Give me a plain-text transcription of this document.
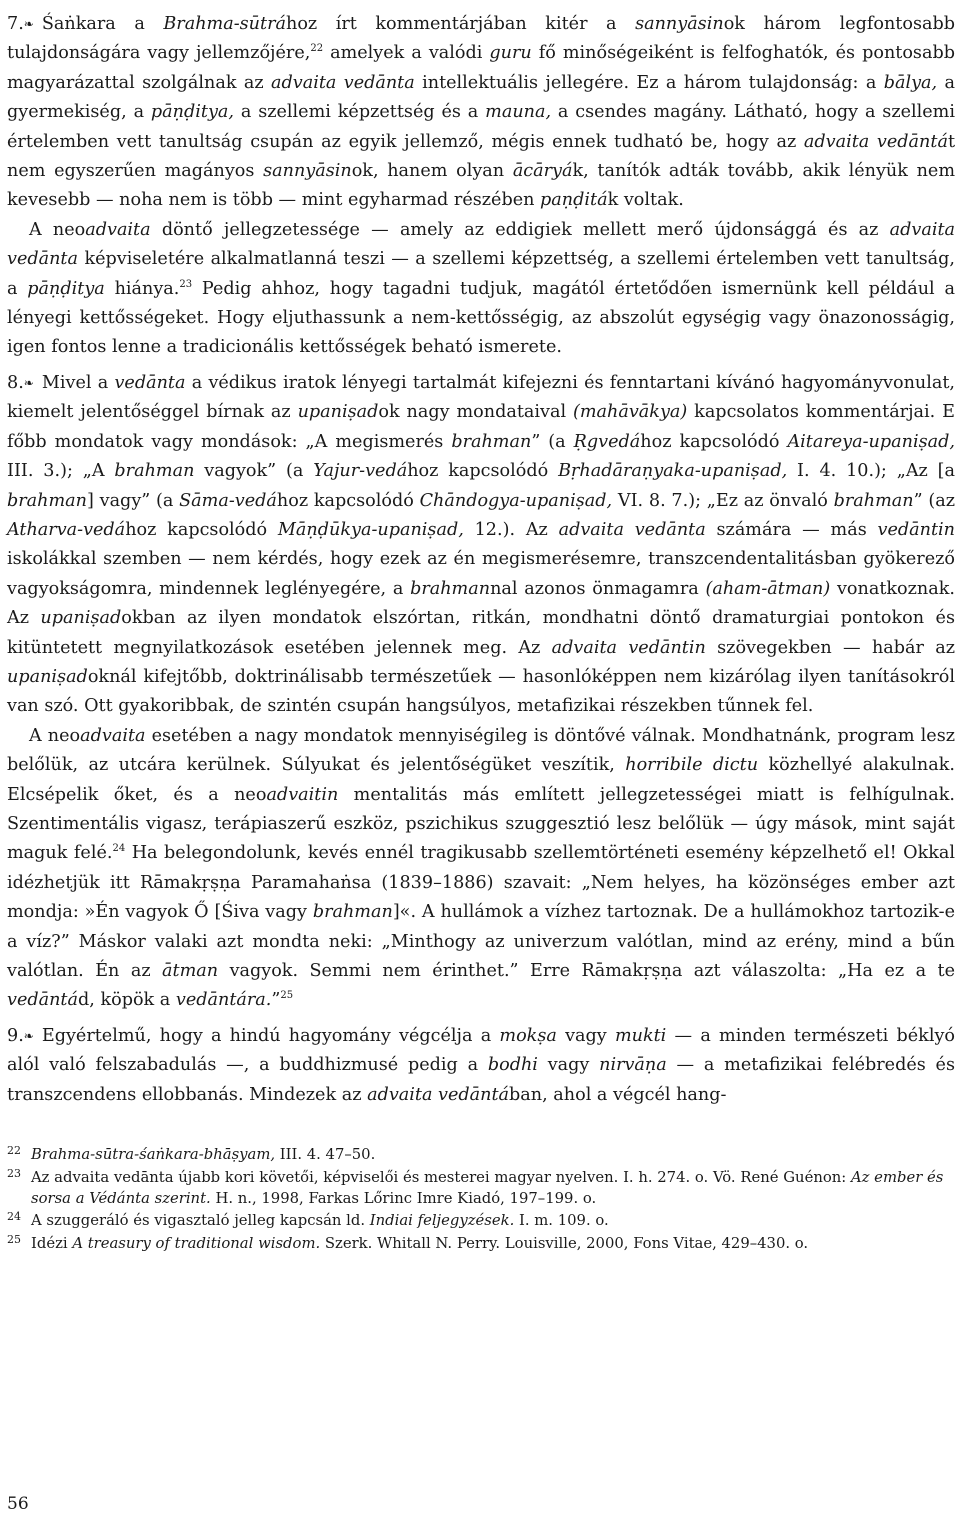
7.❧ Śaṅkara a Brahma-sūtrához írt kommentárjában kitér a sannyāsinok három legfontosabb tulajdonságára vagy jellemzőjére,$^{22}$ amelyek a valódi guru fő minőségeiként is felfoghatók, és pontosabb magyarázattal szolgálnak az advaita vedānta intellektuális jellegére. Ez a három tulajdonság: a bālya, a gyermekiség, a pāṇḍitya, a szellemi képzettség és a mauna, a csendes magány. Látható, hogy a szellemi értelemben vett tanultság csupán az egyik jellemző, mégis ennek tudható be, hogy az advaita vedāntát nem egyszerűen magányos sannyāsinok, hanem olyan ācāryák, tanítók adták tovább, akik lényük nem kevesebb — noha nem is több — mint egyharmad részében paṇḍiták voltak.

A neoadvaita döntő jellegzetessége — amely az eddigiek mellett merő újdonsággá és az advaita vedānta képviseletére alkalmatlanná teszi — a szellemi képzettség, a szellemi értelemben vett tanultság, a pāṇḍitya hiánya.$^{23}$ Pedig ahhoz, hogy tagadni tudjuk, magától értetődően ismernünk kell például a lényegi kettősségeket. Hogy eljuthassunk a nem-kettősségig, az abszolút egységig vagy önazonosságig, igen fontos lenne a tradicionális kettősségek beható ismerete.

8.❧ Mivel a vedānta a védikus iratok lényegi tartalmát kifejezni és fenntartani kívánó hagyományvonulat, kiemelt jelentőséggel bírnak az upaniṣadok nagy mondataival (mahāvākya) kapcsolatos kommentárjai. E főbb mondatok vagy mondások: „A megismerés brahman” (a Ṛgvedához kapcsolódó Aitareya-upaniṣad, III. 3.); „A brahman vagyok” (a Yajur-vedához kapcsolódó Bṛhadāraṇyaka-upaniṣad, I. 4. 10.); „Az [a brahman] vagy” (a Sāma-vedához kapcsolódó Chāndogya-upaniṣad, VI. 8. 7.); „Ez az önvaló brahman” (az Atharva-vedához kapcsolódó Māṇḍūkya-upaniṣad, 12.). Az advaita vedānta számára — más vedāntin iskolákkal szemben — nem kérdés, hogy ezek az én megismerésemre, transzcendentalitásban gyökerező vagyokságomra, mindennek leglényegére, a brahmannal azonos önmagamra (aham-ātman) vonatkoznak. Az upaniṣadokban az ilyen mondatok elszórtan, ritkán, mondhatni döntő dramaturgiai pontokon és kitüntetett megnyilatkozások esetében jelennek meg. Az advaita vedāntin szövegekben — habár az upaniṣadoknál kifejtőbb, doktrinálisabb természetűek — hasonlóképpen nem kizárólag ilyen tanításokról van szó. Ott gyakoribbak, de szintén csupán hangsúlyos, metafizikai részekben tűnnek fel.

A neoadvaita esetében a nagy mondatok mennyiségileg is döntővé válnak. Mondhatnánk, program lesz belőlük, az utcára kerülnek. Súlyukat és jelentőségüket veszítik, horribile dictu közhellyé alakulnak. Elcsépelik őket, és a neoadvaitin mentalitás más említett jellegzetességei miatt is felhígulnak. Szentimentális vigasz, terápiaszerű eszköz, pszichikus szuggesztió lesz belőlük — úgy mások, mint saját maguk felé.$^{24}$ Ha belegondolunk, kevés ennél tragikusabb szellemtörténeti esemény képzelhető el! Okkal idézhetjük itt Rāmakṛṣṇa Paramahaṅsa (1839–1886) szavait: „Nem helyes, ha közönséges ember azt mondja: »Én vagyok Ő [Śiva vagy brahman]«. A hullámok a vízhez tartoznak. De a hullámokhoz tartozik-e a víz?” Máskor valaki azt mondta neki: „Minthogy az univerzum valótlan, mind az erény, mind a bűn valótlan. Én az ātman vagyok. Semmi nem érinthet.” Erre Rāmakṛṣṇa azt válaszolta: „Ha ez a te vedāntád, köpök a vedāntára.”$^{25}$

9.❧ Egyértelmű, hogy a hindú hagyomány végcélja a mokṣa vagy mukti — a minden természeti béklyó alól való felszabadulás —, a buddhizmusé pedig a bodhi vagy nirvāṇa — a metafizikai felébredés és transzcendens ellobbanás. Mindezek az advaita vedāntában, ahol a végcél hang-

22 Brahma-sūtra-śaṅkara-bhāṣyam, III. 4. 47–50.
23 Az advaita vedānta újabb kori követői, képviselői és mesterei magyar nyelven. I. h. 274. o. Vö. René Guénon: Az ember és sorsa a Védánta szerint. H. n., 1998, Farkas Lőrinc Imre Kiadó, 197–199. o.
24 A szuggeráló és vigasztaló jelleg kapcsán ld. Indiai feljegyzések. I. m. 109. o.
25 Idézi A treasury of traditional wisdom. Szerk. Whitall N. Perry. Louisville, 2000, Fons Vitae, 429–430. o.
56
